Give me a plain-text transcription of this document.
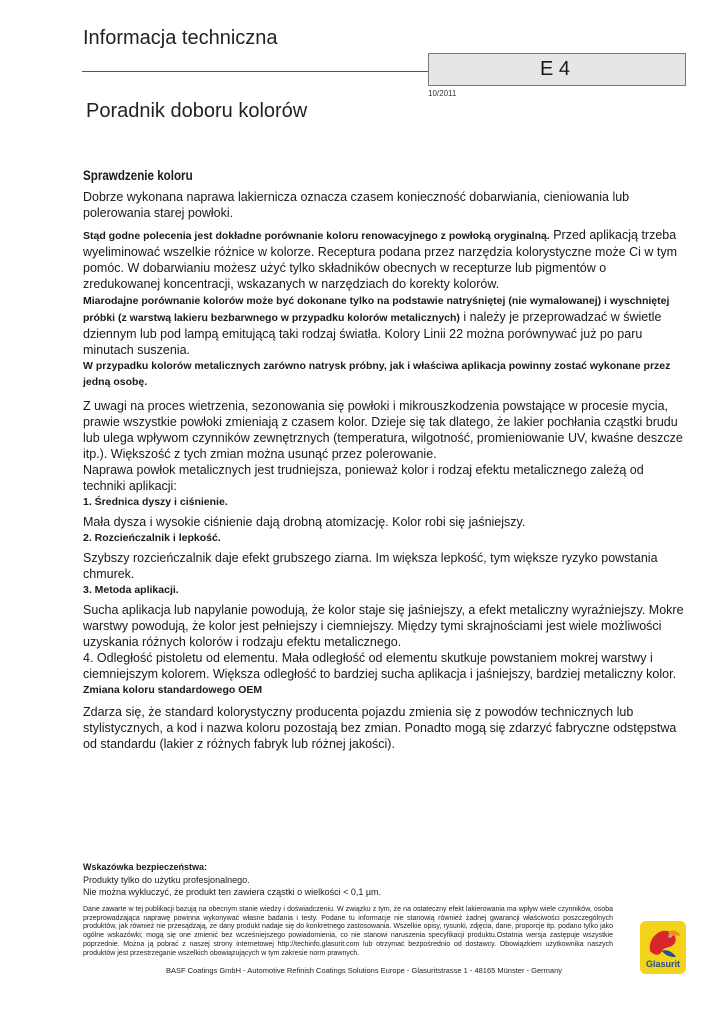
Informacja techniczna
E 4
10/2011
Poradnik doboru kolorów
Sprawdzenie koloru

Dobrze wykonana naprawa lakiernicza oznacza czasem konieczność dobarwiania, cieniowania lub polerowania starej powłoki.

Stąd godne polecenia jest dokładne porównanie koloru renowacyjnego z powłoką oryginalną. Przed aplikacją trzeba wyeliminować wszelkie różnice w kolorze. Receptura podana przez narzędzia kolorystyczne może Ci w tym pomóc. W dobarwianiu możesz użyć tylko składników obecnych w recepturze lub pigmentów o zredukowanej koncentracji, wskazanych w narzędziach do korekty kolorów.

Miarodajne porównanie kolorów może być dokonane tylko na podstawie natryśniętej (nie wymalowanej) i wyschniętej próbki (z warstwą lakieru bezbarwnego w przypadku kolorów metalicznych) i należy je przeprowadzać w świetle dziennym lub pod lampą emitującą taki rodzaj światła. Kolory Linii 22 można porównywać już po paru minutach suszenia.

W przypadku kolorów metalicznych zarówno natrysk próbny, jak i właściwa aplikacja powinny zostać wykonane przez jedną osobę.

Z uwagi na proces wietrzenia, sezonowania się powłoki i mikrouszkodzenia powstające w procesie mycia, prawie wszystkie powłoki zmieniają z czasem kolor. Dzieje się tak dlatego, że lakier pochłania cząstki brudu lub ulega wpływom czynników zewnętrznych (temperatura, wilgotność, promieniowanie UV, kwaśne deszcze itp.). Większość z tych zmian można usunąć przez polerowanie.

Naprawa powłok metalicznych jest trudniejsza, ponieważ kolor i rodzaj efektu metalicznego zależą od techniki aplikacji:

1. Średnica dyszy i ciśnienie.

Mała dysza i wysokie ciśnienie dają drobną atomizację. Kolor robi się jaśniejszy.

2. Rozcieńczalnik i lepkość.

Szybszy rozcieńczalnik daje efekt grubszego ziarna. Im większa lepkość, tym większe ryzyko powstania chmurek.

3. Metoda aplikacji.

Sucha aplikacja lub napylanie powodują, że kolor staje się jaśniejszy, a efekt metaliczny wyraźniejszy. Mokre warstwy powodują, że kolor jest pełniejszy i ciemniejszy. Między tymi skrajnościami jest wiele możliwości uzyskania różnych kolorów i rodzaju efektu metalicznego.

4. Odległość pistoletu od elementu. Mała odległość od elementu skutkuje powstaniem mokrej warstwy i ciemniejszym kolorem. Większa odległość to bardziej sucha aplikacja i jaśniejszy, bardziej metaliczny kolor.

Zmiana koloru standardowego OEM

Zdarza się, że standard kolorystyczny producenta pojazdu zmienia się z powodów technicznych lub stylistycznych, a kod i nazwa koloru pozostają bez zmian. Ponadto mogą się zdarzyć fabryczne odstępstwa od standardu (lakier z różnych fabryk lub różnej jakości).

Wskazówka bezpieczeństwa:
Produkty tylko do użytku profesjonalnego.
Nie można wykluczyć, że produkt ten zawiera cząstki o wielkości < 0,1 µm.
Dane zawarte w tej publikacji bazują na obecnym stanie wiedzy i doświadczeniu. W związku z tym, że na ostateczny efekt lakierowania ma wpływ wiele czynników, osoba przeprowadzająca naprawę powinna wykonywać własne badania i testy. Podane tu informacje nie stanowią również żadnej gwarancji właściwości poszczególnych produktów, jak również nie przesądzają, że dany produkt nadaje się do konkretnego zastosowania. Wszelkie opisy, rysunki, zdjęcia, dane, proporcje itp. podano tylko jako ogólne wskazówki; mogą się one zmienić bez wcześniejszego powiadomienia, co nie stanowi naruszenia specyfikacji produktu.Ostatnia wersja zastępuje wszystkie poprzednie. Można ją pobrać z naszej strony internetowej http://techinfo.glasurit.com lub otrzymać bezpośrednio od dostawcy. Obowiązkiem użytkownika naszych produktów jest przestrzeganie wszelkich obowiązujących w tym zakresie norm prawnych.
BASF Coatings GmbH - Automotive Refinish Coatings Solutions Europe - Glasuritstrasse 1 - 48165 Münster - Germany
Glasurit
